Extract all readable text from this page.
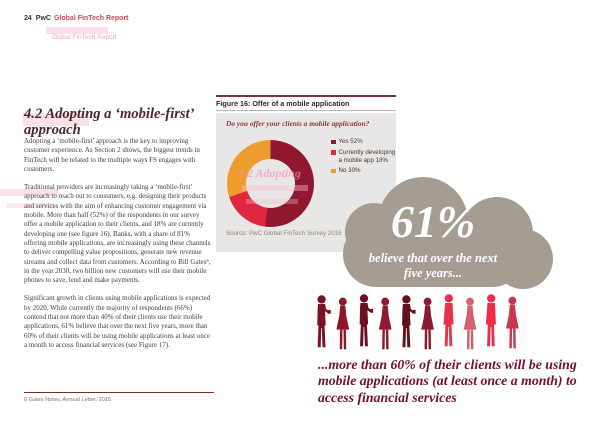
24 PwC Global FinTech Report
Global FinTech Report
4.2 Adopting a ‘mobile-first’ approach

Adopting a ‘mobile-first’ approach is the key to improving customer experience. As Section 2 shows, the biggest trends in FinTech will be related to the multiple ways FS engages with customers.

Traditional providers are increasingly taking a ‘mobile-first’ approach to reach out to consumers, e.g. designing their products and services with the aim of enhancing customer engagement via mobile. More than half (52%) of the respondents in our survey offer a mobile application to their clients, and 18% are currently developing one (see figure 16). Banks, with a share of 81% offering mobile applications, are increasingly using these channels to deliver compelling value propositions, generate new revenue streams and collect data from customers. According to Bill Gates⁶, in the year 2030, two billion new customers will use their mobile phones to save, lend and make payments.

Significant growth in clients using mobile applications is expected by 2020. While currently the majority of respondents (66%) contend that not more than 40% of their clients use their mobile applications, 61% believe that over the next five years, more than 60% of their clients will be using mobile applications at least once a month to access financial services (see Figure 17).

6 Gates Notes, Annual Letter, 2015
Figure 16: Offer of a mobile application
Do you offer your clients a mobile application?
4.2 Adopting
Yes 52%
Currently developing a mobile app 18%
No 30%
Source: PwC Global FinTech Survey 2016	61%
believe that over the next five years...
...more than 60% of their clients will be using mobile applications (at least once a month) to access financial services
